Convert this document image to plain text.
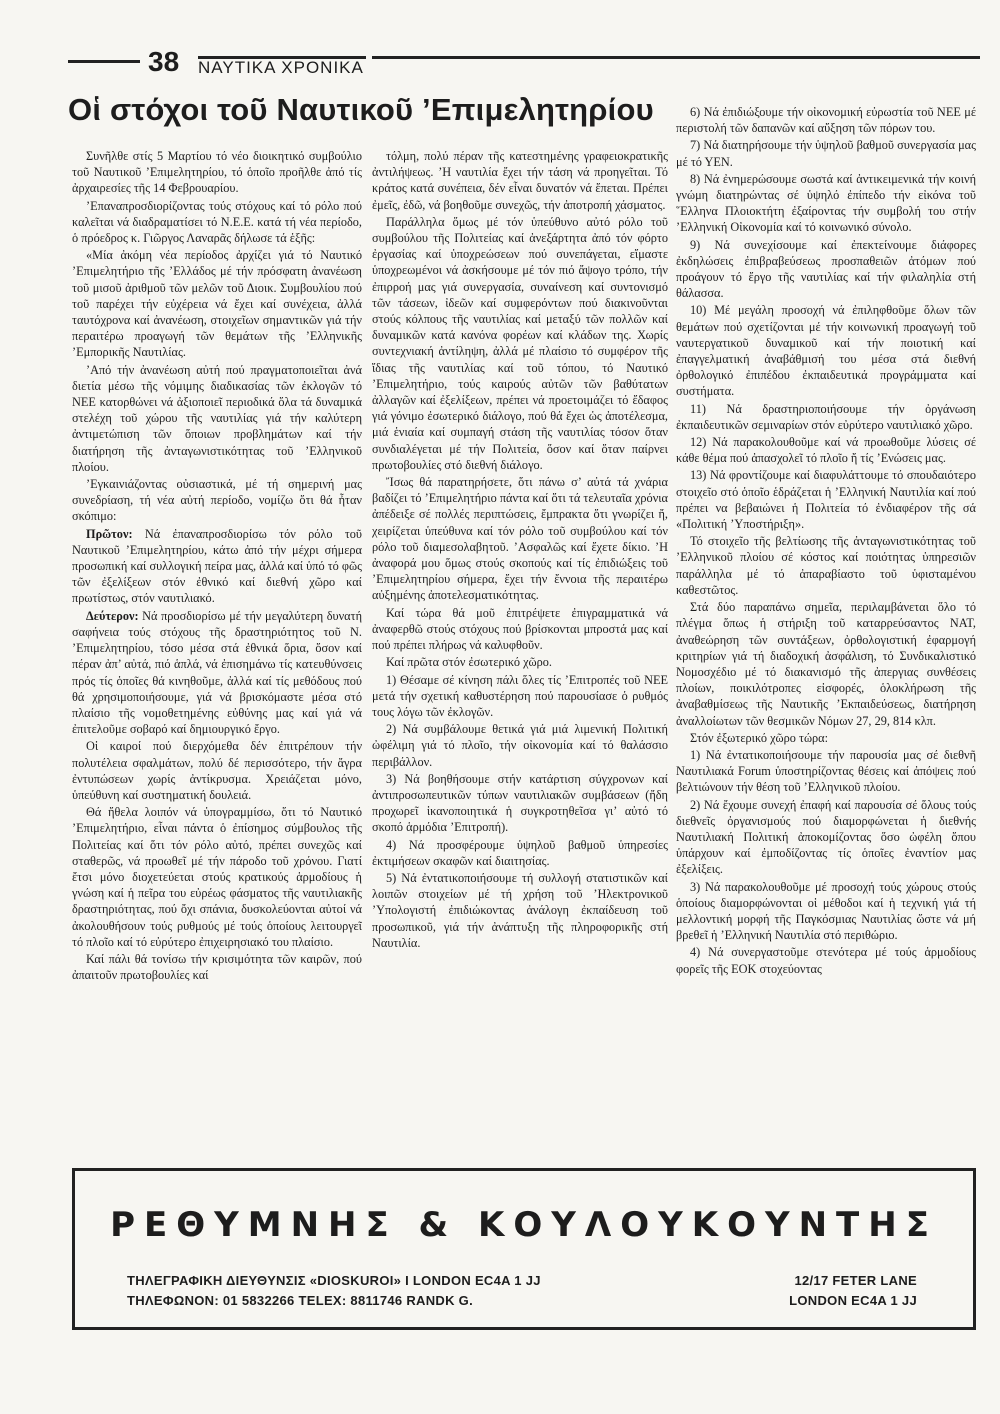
38 ΝΑΥΤΙΚΑ ΧΡΟΝΙΚΑ
Οἱ στόχοι τοῦ Ναυτικοῦ ’Επιμελητηρίου

Συνῆλθε στίς 5 Μαρτίου τό νέο διοικητικό συμβούλιο τοῦ Ναυτικοῦ ’Επιμελητηρίου, τό ὁποῖο προῆλθε ἀπό τίς ἀρχαιρεσίες τῆς 14 Φεβρουαρίου.

’Επαναπροσδιορίζοντας τούς στόχους καί τό ρόλο πού καλεῖται νά διαδραματίσει τό Ν.Ε.Ε. κατά τή νέα περίοδο, ὁ πρόεδρος κ. Γιῶργος Λαναρᾶς δήλωσε τά ἑξῆς:

«Μία ἀκόμη νέα περίοδος ἀρχίζει γιά τό Ναυτικό ’Επιμελητήριο τῆς ’Ελλάδος μέ τήν πρόσφατη ἀνανέωση τοῦ μισοῦ ἀριθμοῦ τῶν μελῶν τοῦ Διοικ. Συμβουλίου πού τοῦ παρέχει τήν εὐχέρεια νά ἔχει καί συνέχεια, ἀλλά ταυτόχρονα καί ἀνανέωση, στοιχεῖων σημαντικῶν γιά τήν περαιτέρω προαγωγή τῶν θεμάτων τῆς ’Ελληνικῆς ’Εμπορικῆς Ναυτιλίας.

’Από τήν ἀνανέωση αὐτή πού πραγματοποιεῖται ἀνά διετία μέσω τῆς νόμιμης διαδικασίας τῶν ἐκλογῶν τό ΝΕΕ κατορθώνει νά ἀξιοποιεῖ περιοδικά ὅλα τά δυναμικά στελέχη τοῦ χώρου τῆς ναυτιλίας γιά τήν καλύτερη ἀντιμετώπιση τῶν ὅποιων προβλημάτων καί τήν διατήρηση τῆς ἀνταγωνιστικότητας τοῦ ’Ελληνικοῦ πλοίου.

’Εγκαινιάζοντας οὐσιαστικά, μέ τή σημερινή μας συνεδρίαση, τή νέα αὐτή περίοδο, νομίζω ὅτι θά ἦταν σκόπιμο:

Πρῶτον: Νά ἐπαναπροσδιορίσω τόν ρόλο τοῦ Ναυτικοῦ ’Επιμελητηρίου, κάτω ἀπό τήν μέχρι σήμερα προσωπική καί συλλογική πείρα μας, ἀλλά καί ὑπό τό φῶς τῶν ἐξελίξεων στόν ἐθνικό καί διεθνή χῶρο καί πρωτίστως, στόν ναυτιλιακό.

Δεύτερον: Νά προσδιορίσω μέ τήν μεγαλύτερη δυνατή σαφήνεια τούς στόχους τῆς δραστηριότητος τοῦ Ν. ’Επιμελητηρίου, τόσο μέσα στά ἐθνικά ὅρια, ὅσον καί πέραν ἀπ’ αὐτά, πιό ἁπλά, νά ἐπισημάνω τίς κατευθύνσεις πρός τίς ὁποῖες θά κινηθοῦμε, ἀλλά καί τίς μεθόδους πού θά χρησιμοποιήσουμε, γιά νά βρισκόμαστε μέσα στό πλαίσιο τῆς νομοθετημένης εὐθύνης μας καί γιά νά ἐπιτελοῦμε σοβαρό καί δημιουργικό ἔργο.

Οἱ καιροί πού διερχόμεθα δέν ἐπιτρέπουν τήν πολυτέλεια σφαλμάτων, πολύ δέ περισσότερο, τήν ἄγρα ἐντυπώσεων χωρίς ἀντίκρυσμα. Χρειάζεται μόνο, ὑπεύθυνη καί συστηματική δουλειά.

Θά ἤθελα λοιπόν νά ὑπογραμμίσω, ὅτι τό Ναυτικό ’Επιμελητήριο, εἶναι πάντα ὁ ἐπίσημος σύμβουλος τῆς Πολιτείας καί ὅτι τόν ρόλο αὐτό, πρέπει συνεχῶς καί σταθερῶς, νά προωθεῖ μέ τήν πάροδο τοῦ χρόνου. Γιατί ἔτσι μόνο διοχετεύεται στούς κρατικούς ἁρμοδίους ἡ γνώση καί ἡ πεῖρα του εὐρέως φάσματος τῆς ναυτιλιακῆς δραστηριότητας, πού ὄχι σπάνια, δυσκολεύονται αὐτοί νά ἀκολουθήσουν τούς ρυθμούς μέ τούς ὁποίους λειτουργεῖ τό πλοῖο καί τό εὐρύτερο ἐπιχειρησιακό του πλαίσιο.

Καί πάλι θά τονίσω τήν κρισιμότητα τῶν καιρῶν, πού ἀπαιτοῦν πρωτοβουλίες καί

τόλμη, πολύ πέραν τῆς κατεστημένης γραφειοκρατικῆς ἀντιλήψεως. ’Η ναυτιλία ἔχει τήν τάση νά προηγεῖται. Τό κράτος κατά συνέπεια, δέν εἶναι δυνατόν νά ἕπεται. Πρέπει ἐμεῖς, ἐδῶ, νά βοηθοῦμε συνεχῶς, τήν ἀποτροπή χάσματος.

Παράλληλα ὅμως μέ τόν ὑπεύθυνο αὐτό ρόλο τοῦ συμβούλου τῆς Πολιτείας καί ἀνεξάρτητα ἀπό τόν φόρτο ἐργασίας καί ὑποχρεώσεων πού συνεπάγεται, εἴμαστε ὑποχρεωμένοι νά ἀσκήσουμε μέ τόν πιό ἄψογο τρόπο, τήν ἐπιρροή μας γιά συνεργασία, συναίνεση καί συντονισμό τῶν τάσεων, ἰδεῶν καί συμφερόντων πού διακινοῦνται στούς κόλπους τῆς ναυτιλίας καί μεταξύ τῶν πολλῶν καί δυναμικῶν κατά κανόνα φορέων καί κλάδων της. Χωρίς συντεχνιακή ἀντίληψη, ἀλλά μέ πλαίσιο τό συμφέρον τῆς ἴδιας τῆς ναυτιλίας καί τοῦ τόπου, τό Ναυτικό ’Επιμελητήριο, τούς καιρούς αὐτῶν τῶν βαθύτατων ἀλλαγῶν καί ἐξελίξεων, πρέπει νά προετοιμάζει τό ἔδαφος γιά γόνιμο ἐσωτερικό διάλογο, πού θά ἔχει ὡς ἀποτέλεσμα, μιά ἑνιαία καί συμπαγή στάση τῆς ναυτιλίας τόσον ὅταν συνδιαλέγεται μέ τήν Πολιτεία, ὅσον καί ὅταν παίρνει πρωτοβουλίες στό διεθνή διάλογο.

Ἴσως θά παρατηρήσετε, ὅτι πάνω σ’ αὐτά τά χνάρια βαδίζει τό ’Επιμελητήριο πάντα καί ὅτι τά τελευταῖα χρόνια ἀπέδειξε σέ πολλές περιπτώσεις, ἔμπρακτα ὅτι γνωρίζει ἤ, χειρίζεται ὑπεύθυνα καί τόν ρόλο τοῦ συμβούλου καί τόν ρόλο τοῦ διαμεσολαβητοῦ. ’Ασφαλῶς καί ἔχετε δίκιο. ’Η ἀναφορά μου ὅμως στούς σκοπούς καί τίς ἐπιδιώξεις τοῦ ’Επιμελητηρίου σήμερα, ἔχει τήν ἔννοια τῆς περαιτέρω αὐξημένης ἀποτελεσματικότητας.

Καί τώρα θά μοῦ ἐπιτρέψετε ἐπιγραμματικά νά ἀναφερθῶ στούς στόχους πού βρίσκονται μπροστά μας καί πού πρέπει πλήρως νά καλυφθοῦν.

Καί πρῶτα στόν ἐσωτερικό χῶρο.

1) Θέσαμε σέ κίνηση πάλι ὅλες τίς ’Επιτροπές τοῦ ΝΕΕ μετά τήν σχετική καθυστέρηση πού παρουσίασε ὁ ρυθμός τους λόγω τῶν ἐκλογῶν.

2) Νά συμβάλουμε θετικά γιά μιά λιμενική Πολιτική ὠφέλιμη γιά τό πλοῖο, τήν οἰκονομία καί τό θαλάσσιο περιβάλλον.

3) Νά βοηθήσουμε στήν κατάρτιση σύγχρονων καί ἀντιπροσωπευτικῶν τύπων ναυτιλιακῶν συμβάσεων (ἤδη προχωρεῖ ἱκανοποιητικά ἡ συγκροτηθεῖσα γι’ αὐτό τό σκοπό ἁρμόδια ’Επιτροπή).

4) Νά προσφέρουμε ὑψηλοῦ βαθμοῦ ὑπηρεσίες ἐκτιμήσεων σκαφῶν καί διαιτησίας.

5) Νά ἐντατικοποιήσουμε τή συλλογή στατιστικῶν καί λοιπῶν στοιχείων μέ τή χρήση τοῦ ’Ηλεκτρονικοῦ ’Υπολογιστή ἐπιδιώκοντας ἀνάλογη ἐκπαίδευση τοῦ προσωπικοῦ, γιά τήν ἀνάπτυξη τῆς πληροφορικῆς στή Ναυτιλία.

6) Νά ἐπιδιώξουμε τήν οἰκονομική εὐρωστία τοῦ ΝΕΕ μέ περιστολή τῶν δαπανῶν καί αὔξηση τῶν πόρων του.

7) Νά διατηρήσουμε τήν ὑψηλοῦ βαθμοῦ συνεργασία μας μέ τό ΥΕΝ.

8) Νά ἐνημερώσουμε σωστά καί ἀντικειμενικά τήν κοινή γνώμη διατηρώντας σέ ὑψηλό ἐπίπεδο τήν εἰκόνα τοῦ ῞Ελληνα Πλοιοκτήτη ἐξαίροντας τήν συμβολή του στήν ’Ελληνική Οἰκονομία καί τό κοινωνικό σύνολο.

9) Νά συνεχίσουμε καί ἐπεκτείνουμε διάφορες ἐκδηλώσεις ἐπιβραβεύσεως προσπαθειῶν ἀτόμων πού προάγουν τό ἔργο τῆς ναυτιλίας καί τήν φιλαληλία στή θάλασσα.

10) Μέ μεγάλη προσοχή νά ἐπιληφθοῦμε ὅλων τῶν θεμάτων πού σχετίζονται μέ τήν κοινωνική προαγωγή τοῦ ναυτεργατικοῦ δυναμικοῦ καί τήν ποιοτική καί ἐπαγγελματική ἀναβάθμισή του μέσα στά διεθνή ὀρθολογικό ἐπιπέδου ἐκπαιδευτικά προγράμματα καί συστήματα.

11) Νά δραστηριοποιήσουμε τήν ὀργάνωση ἐκπαιδευτικῶν σεμιναρίων στόν εὐρύτερο ναυτιλιακό χῶρο.

12) Νά παρακολουθοῦμε καί νά προωθοῦμε λύσεις σέ κάθε θέμα πού ἀπασχολεῖ τό πλοῖο ἤ τίς ’Ενώσεις μας.

13) Νά φροντίζουμε καί διαφυλάττουμε τό σπουδαιότερο στοιχεῖο στό ὁποῖο ἑδράζεται ἡ ’Ελληνική Ναυτιλία καί πού πρέπει να βεβαιώνει ἡ Πολιτεία τό ἐνδιαφέρον τῆς σά «Πολιτική ’Υποστήριξη».

Τό στοιχεῖο τῆς βελτίωσης τῆς ἀνταγωνιστικότητας τοῦ ’Ελληνικοῦ πλοίου σέ κόστος καί ποιότητας ὑπηρεσιῶν παράλληλα μέ τό ἀπαραβίαστο τοῦ ὑφισταμένου καθεστῶτος.

Στά δύο παραπάνω σημεῖα, περιλαμβάνεται ὅλο τό πλέγμα ὅπως ἡ στήριξη τοῦ καταρρεύσαντος ΝΑΤ, ἀναθεώρηση τῶν συντάξεων, ὀρθολογιστική ἐφαρμογή κριτηρίων γιά τή διαδοχική ἀσφάλιση, τό Συνδικαλιστικό Νομοσχέδιο μέ τό διακανισμό τῆς ἀπεργιας συνθέσεις πλοίων, ποικιλότροπες εἰσφορές, ὁλοκλήρωση τῆς ἀναβαθμίσεως τῆς Ναυτικῆς ’Εκπαιδεύσεως, διατήρηση ἀναλλοίωτων τῶν θεσμικῶν Νόμων 27, 29, 814 κλπ.

Στόν ἐξωτερικό χῶρο τώρα:

1) Νά ἐντατικοποιήσουμε τήν παρουσία μας σέ διεθνῆ Ναυτιλιακά Forum ὑποστηρίζοντας θέσεις καί ἀπόψεις πού βελτιώνουν τήν θέση τοῦ ’Ελληνικοῦ πλοίου.

2) Νά ἔχουμε συνεχή ἐπαφή καί παρουσία σέ ὅλους τούς διεθνεῖς ὀργανισμούς πού διαμορφώνεται ἡ διεθνής Ναυτιλιακή Πολιτική ἀποκομίζοντας ὅσο ὠφέλη ὅπου ὑπάρχουν καί ἐμποδίζοντας τίς ὁποῖες ἐναντίον μας ἐξελίξεις.

3) Νά παρακολουθοῦμε μέ προσοχή τούς χώρους στούς ὁποίους διαμορφώνονται οἱ μέθοδοι καί ἡ τεχνική γιά τή μελλοντική μορφή τῆς Παγκόσμιας Ναυτιλίας ὥστε νά μή βρεθεῖ ἡ ’Ελληνική Ναυτιλία στό περιθώριο.

4) Νά συνεργαστοῦμε στενότερα μέ τούς ἁρμοδίους φορεῖς τῆς ΕΟΚ στοχεύοντας

ΡΕΘΥΜΝΗΣ & ΚΟΥΛΟΥΚΟΥΝΤΗΣ
ΤΗΛΕΓΡΑΦΙΚΗ ΔΙΕΥΘΥΝΣΙΣ «DIOSKUROI» I LONDON EC4A 1 JJ
ΤΗΛΕΦΩΝΟΝ: 01 5832266 TELEX: 8811746 RANDK G.
12/17 FETER LANE
LONDON EC4A 1 JJ
